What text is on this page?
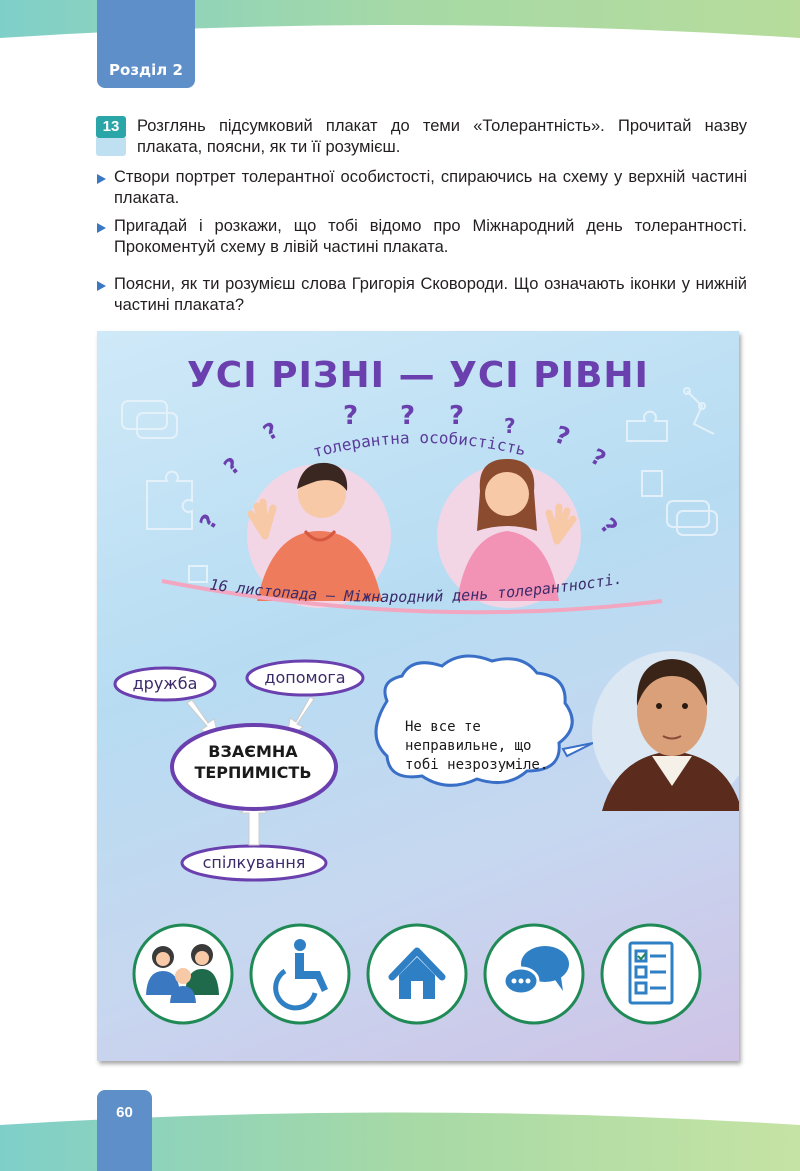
Розділ 2
13	Розглянь підсумковий плакат до теми «Толерантність». Прочитай назву плаката, поясни, як ти її розумієш.

Створи портрет толерантної особистості, спираючись на схему у верхній частині плаката.

Пригадай і розкажи, що тобі відомо про Міжнародний день толерантності. Прокоментуй схему в лівій частині плаката.

Поясни, як ти розумієш слова Григорія Сковороди. Що означають іконки у нижній частині плаката?

? ? ? ? ?
?
?	?
?	?
толерантна особистість
16 листопада — Міжнародний день толерантності.
УСІ РІЗНІ — УСІ РІВНІ
дружба	допомога
спілкування
ВЗАЄМНА ТЕРПИМІСТЬ
Не все те неправильне, що тобі незрозуміле.
60
